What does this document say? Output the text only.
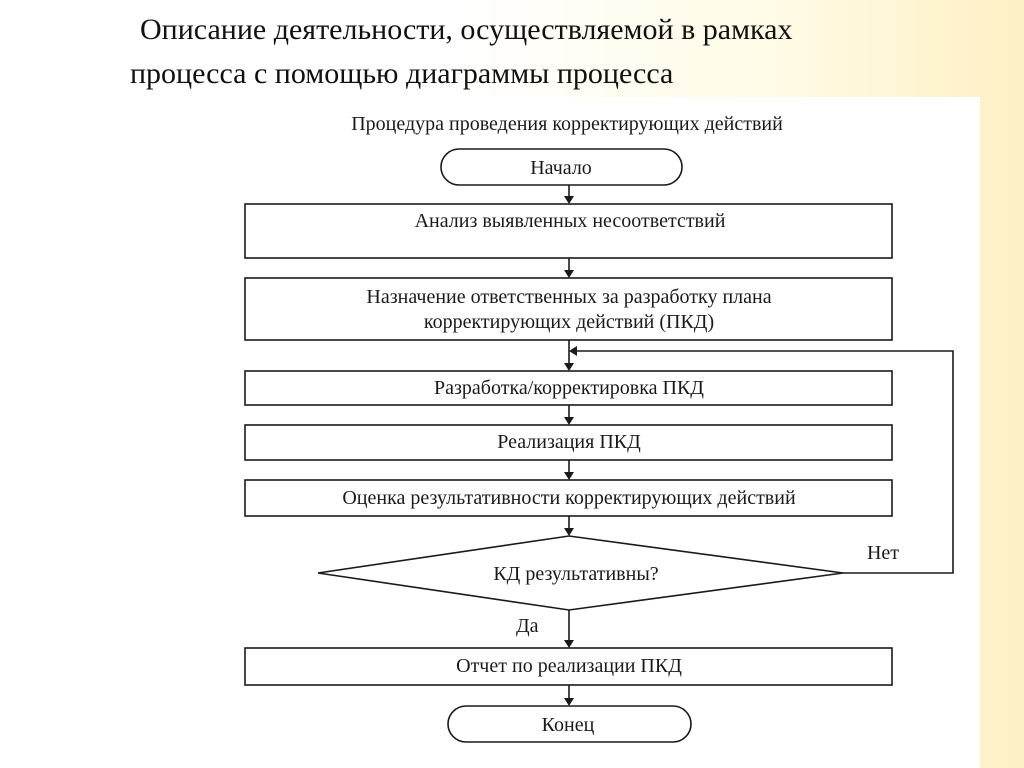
Описание деятельности, осуществляемой в рамках
процесса с помощью диаграммы процесса
Процедура проведения корректирующих действий
Начало
Анализ выявленных несоответствий
Назначение ответственных за разработку плана
корректирующих действий (ПКД)
Разработка/корректировка ПКД
Реализация ПКД
Оценка результативности корректирующих действий
КД результативны?
Нет
Да
Отчет по реализации ПКД
Конец
